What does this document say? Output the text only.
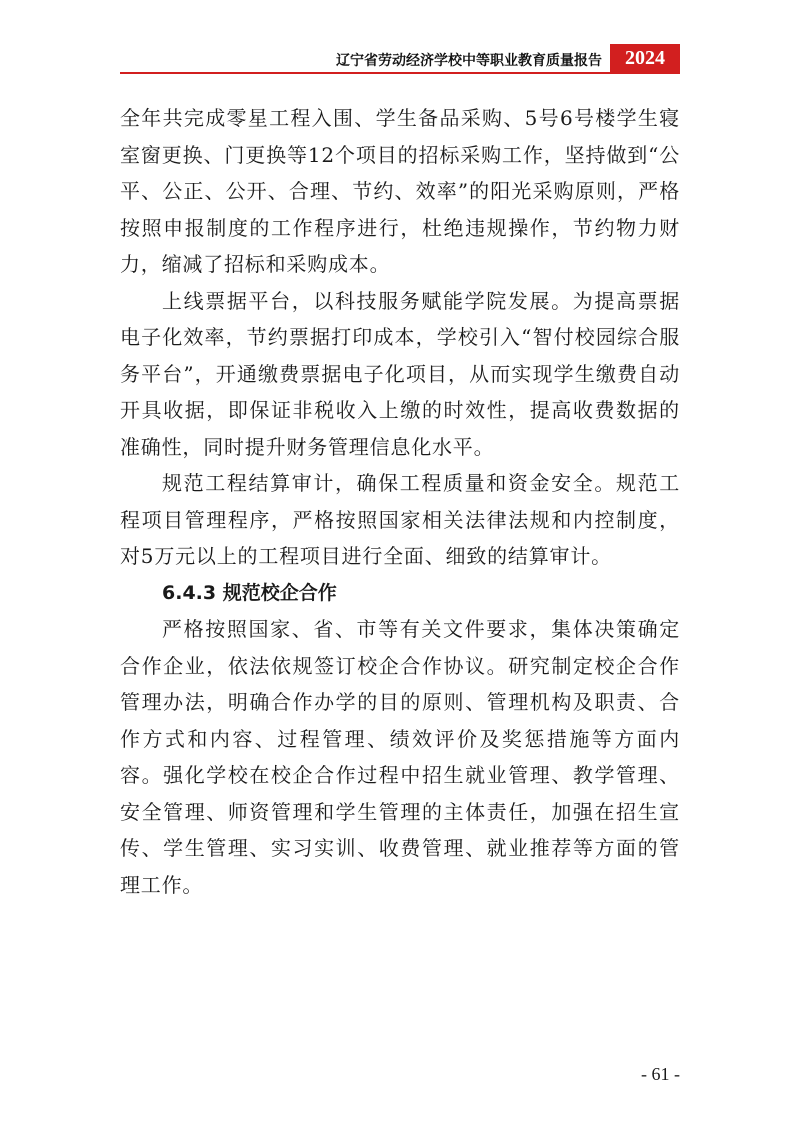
辽宁省劳动经济学校中等职业教育质量报告	2024

全年共完成零星工程入围、学生备品采购、5号6号楼学生寝室窗更换、门更换等12个项目的招标采购工作，坚持做到“公平、公正、公开、合理、节约、效率”的阳光采购原则，严格按照申报制度的工作程序进行，杜绝违规操作，节约物力财力，缩减了招标和采购成本。

上线票据平台，以科技服务赋能学院发展。为提高票据电子化效率，节约票据打印成本，学校引入“智付校园综合服务平台”，开通缴费票据电子化项目，从而实现学生缴费自动开具收据，即保证非税收入上缴的时效性，提高收费数据的准确性，同时提升财务管理信息化水平。

规范工程结算审计，确保工程质量和资金安全。规范工程项目管理程序，严格按照国家相关法律法规和内控制度，对5万元以上的工程项目进行全面、细致的结算审计。

6.4.3 规范校企合作

严格按照国家、省、市等有关文件要求，集体决策确定合作企业，依法依规签订校企合作协议。研究制定校企合作管理办法，明确合作办学的目的原则、管理机构及职责、合作方式和内容、过程管理、绩效评价及奖惩措施等方面内容。强化学校在校企合作过程中招生就业管理、教学管理、安全管理、师资管理和学生管理的主体责任，加强在招生宣传、学生管理、实习实训、收费管理、就业推荐等方面的管理工作。

- 61 -
